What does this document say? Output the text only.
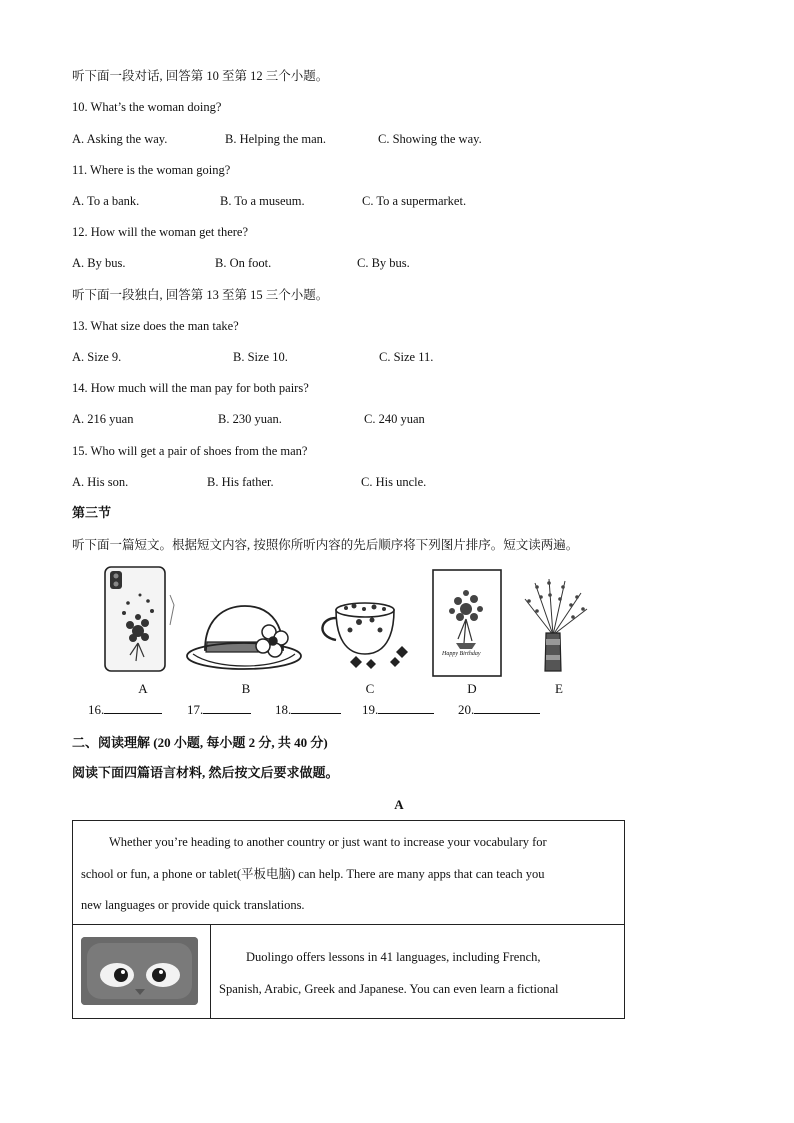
听下面一段对话, 回答第 10 至第 12 三个小题。
10. What’s the woman doing?
A. Asking the way.	B. Helping the man.	C. Showing the way.
11. Where is the woman going?
A. To a bank.	B. To a museum.	C. To a supermarket.
12. How will the woman get there?
A. By bus.	B. On foot.	C. By bus.
听下面一段独白, 回答第 13 至第 15 三个小题。
13. What size does the man take?
A. Size 9.	B. Size 10.	C. Size 11.
14. How much will the man pay for both pairs?
A. 216 yuan	B. 230 yuan.	C. 240 yuan
15. Who will get a pair of shoes from the man?
A. His son.	B. His father.	C. His uncle.
第三节
听下面一篇短文。根据短文内容, 按照你所听内容的先后顺序将下列图片排序。短文读两遍。
Happy Birthday
A	B	C	D	E
16.	17.	18.	19.	20.
二、阅读理解 (20 小题, 每小题 2 分, 共 40 分)
阅读下面四篇语言材料, 然后按文后要求做题。
A
Whether you’re heading to another country or just want to increase your vocabulary for
school or fun, a phone or tablet(平板电脑) can help. There are many apps that can teach you
new languages or provide quick translations.
Duolingo offers lessons in 41 languages, including French,
Spanish, Arabic, Greek and Japanese. You can even learn a fictional
